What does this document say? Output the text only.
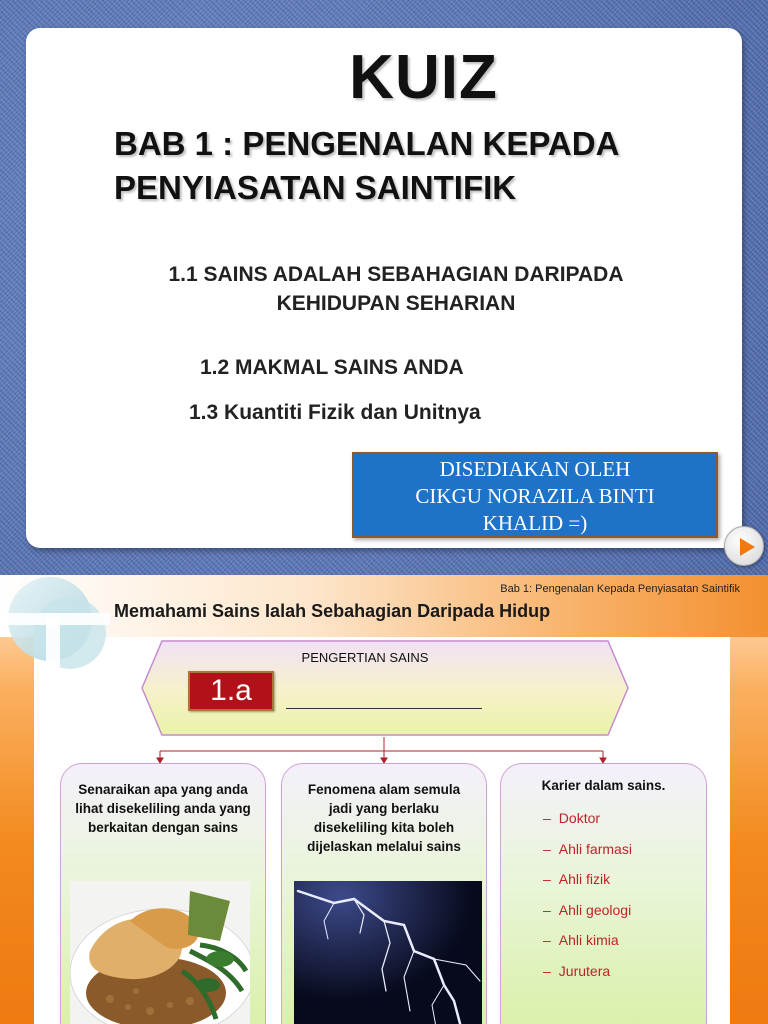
KUIZ
BAB 1 : PENGENALAN KEPADA
PENYIASATAN SAINTIFIK
1.1 SAINS ADALAH SEBAHAGIAN DARIPADA
KEHIDUPAN SEHARIAN
1.2 MAKMAL SAINS ANDA
1.3 Kuantiti Fizik dan Unitnya
DISEDIAKAN OLEH
CIKGU NORAZILA BINTI
KHALID =)
Bab 1: Pengenalan Kepada Penyiasatan Saintifik
Memahami Sains Ialah Sebahagian Daripada Hidup
PENGERTIAN SAINS
1.a
Senaraikan apa yang anda lihat disekeliling anda yang berkaitan dengan sains
Fenomena alam semula jadi yang berlaku disekeliling kita boleh dijelaskan melalui sains
Karier dalam sains.
– Doktor
– Ahli farmasi
– Ahli fizik
– Ahli geologi
– Ahli kimia
– Jurutera
